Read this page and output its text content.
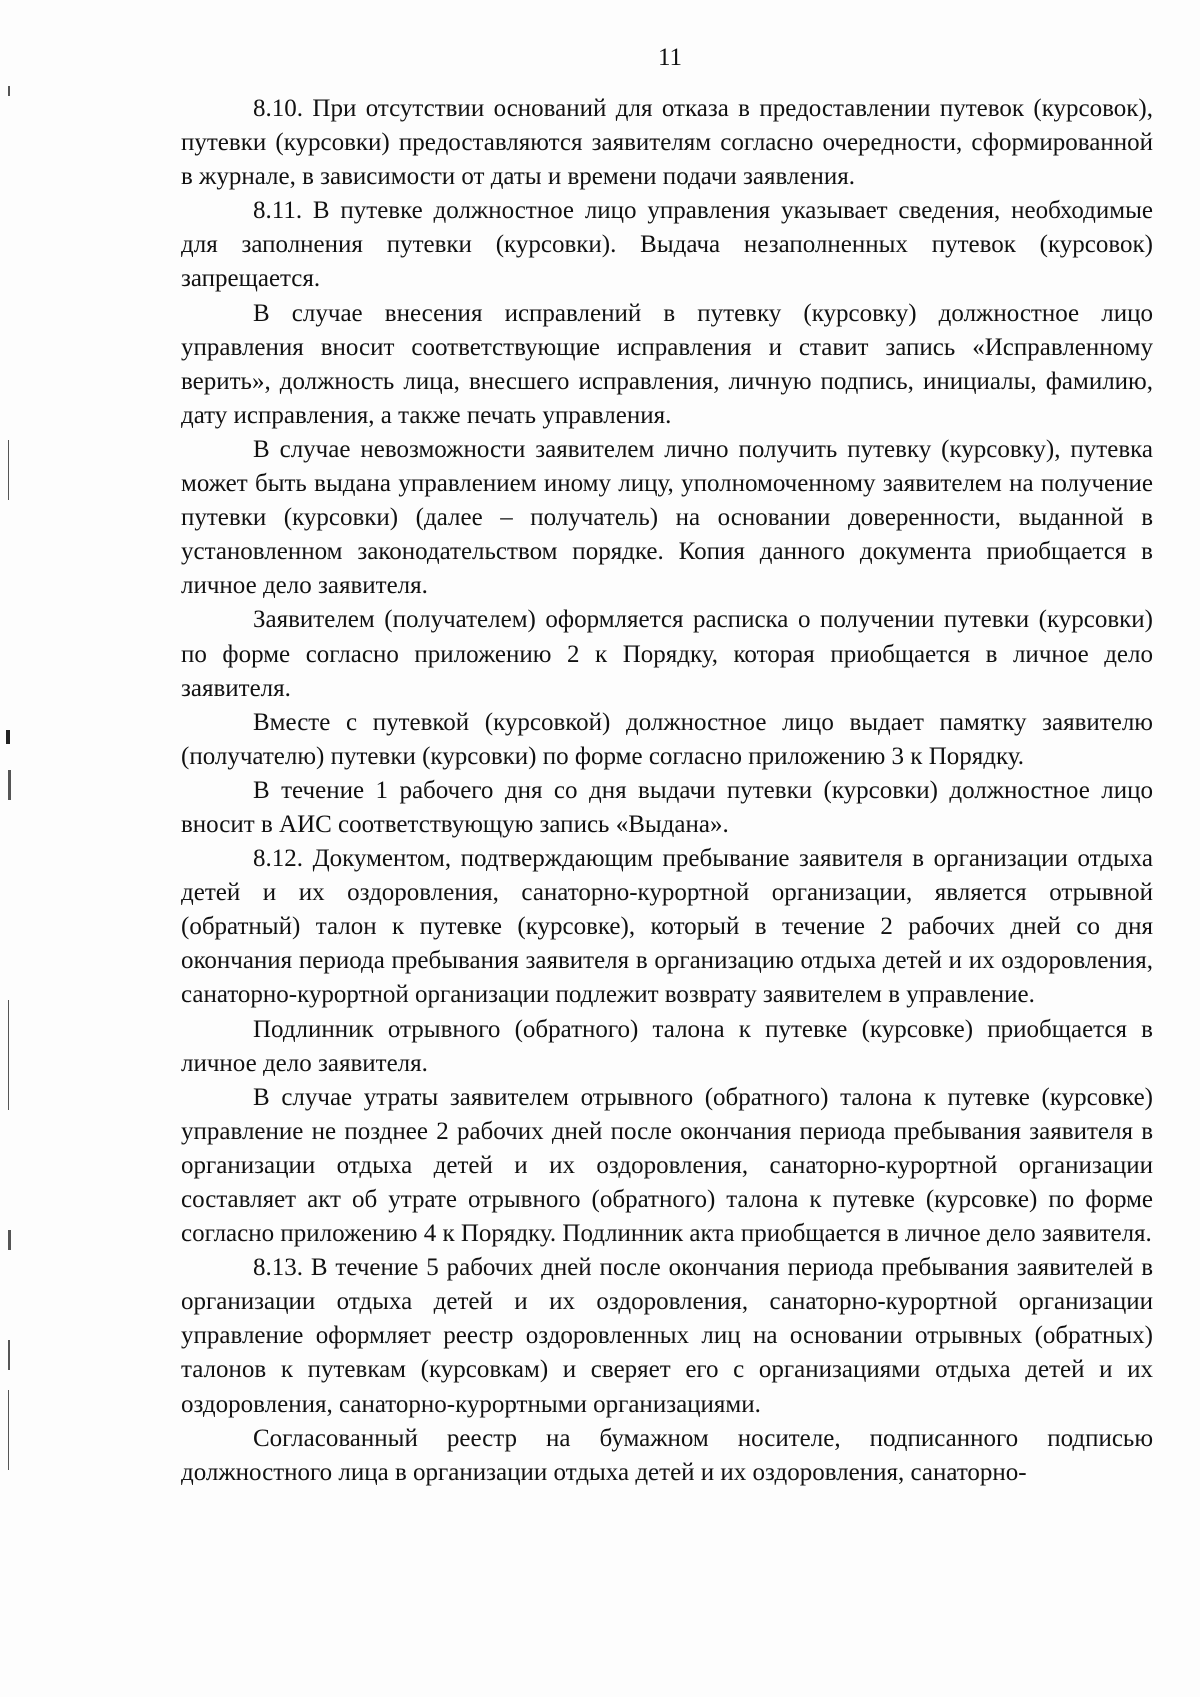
11

8.10. При отсутствии оснований для отказа в предоставлении путевок (курсовок), путевки (курсовки) предоставляются заявителям согласно очередности, сформированной в журнале, в зависимости от даты и времени подачи заявления.

8.11. В путевке должностное лицо управления указывает сведения, необходимые для заполнения путевки (курсовки). Выдача незаполненных путевок (курсовок) запрещается.

В случае внесения исправлений в путевку (курсовку) должностное лицо управления вносит соответствующие исправления и ставит запись «Исправленному верить», должность лица, внесшего исправления, личную подпись, инициалы, фамилию, дату исправления, а также печать управления.

В случае невозможности заявителем лично получить путевку (курсовку), путевка может быть выдана управлением иному лицу, уполномоченному заявителем на получение путевки (курсовки) (далее – получатель) на основании доверенности, выданной в установленном законодательством порядке. Копия данного документа приобщается в личное дело заявителя.

Заявителем (получателем) оформляется расписка о получении путевки (курсовки) по форме согласно приложению 2 к Порядку, которая приобщается в личное дело заявителя.

Вместе с путевкой (курсовкой) должностное лицо выдает памятку заявителю (получателю) путевки (курсовки) по форме согласно приложению 3 к Порядку.

В течение 1 рабочего дня со дня выдачи путевки (курсовки) должностное лицо вносит в АИС соответствующую запись «Выдана».

8.12. Документом, подтверждающим пребывание заявителя в организации отдыха детей и их оздоровления, санаторно-курортной организации, является отрывной (обратный) талон к путевке (курсовке), который в течение 2 рабочих дней со дня окончания периода пребывания заявителя в организацию отдыха детей и их оздоровления, санаторно-курортной организации подлежит возврату заявителем в управление.

Подлинник отрывного (обратного) талона к путевке (курсовке) приобщается в личное дело заявителя.

В случае утраты заявителем отрывного (обратного) талона к путевке (курсовке) управление не позднее 2 рабочих дней после окончания периода пребывания заявителя в организации отдыха детей и их оздоровления, санаторно-курортной организации составляет акт об утрате отрывного (обратного) талона к путевке (курсовке) по форме согласно приложению 4 к Порядку. Подлинник акта приобщается в личное дело заявителя.

8.13. В течение 5 рабочих дней после окончания периода пребывания заявителей в организации отдыха детей и их оздоровления, санаторно-курортной организации управление оформляет реестр оздоровленных лиц на основании отрывных (обратных) талонов к путевкам (курсовкам) и сверяет его с организациями отдыха детей и их оздоровления, санаторно-курортными организациями.

Согласованный реестр на бумажном носителе, подписанного подписью должностного лица в организации отдыха детей и их оздоровления, санаторно-
